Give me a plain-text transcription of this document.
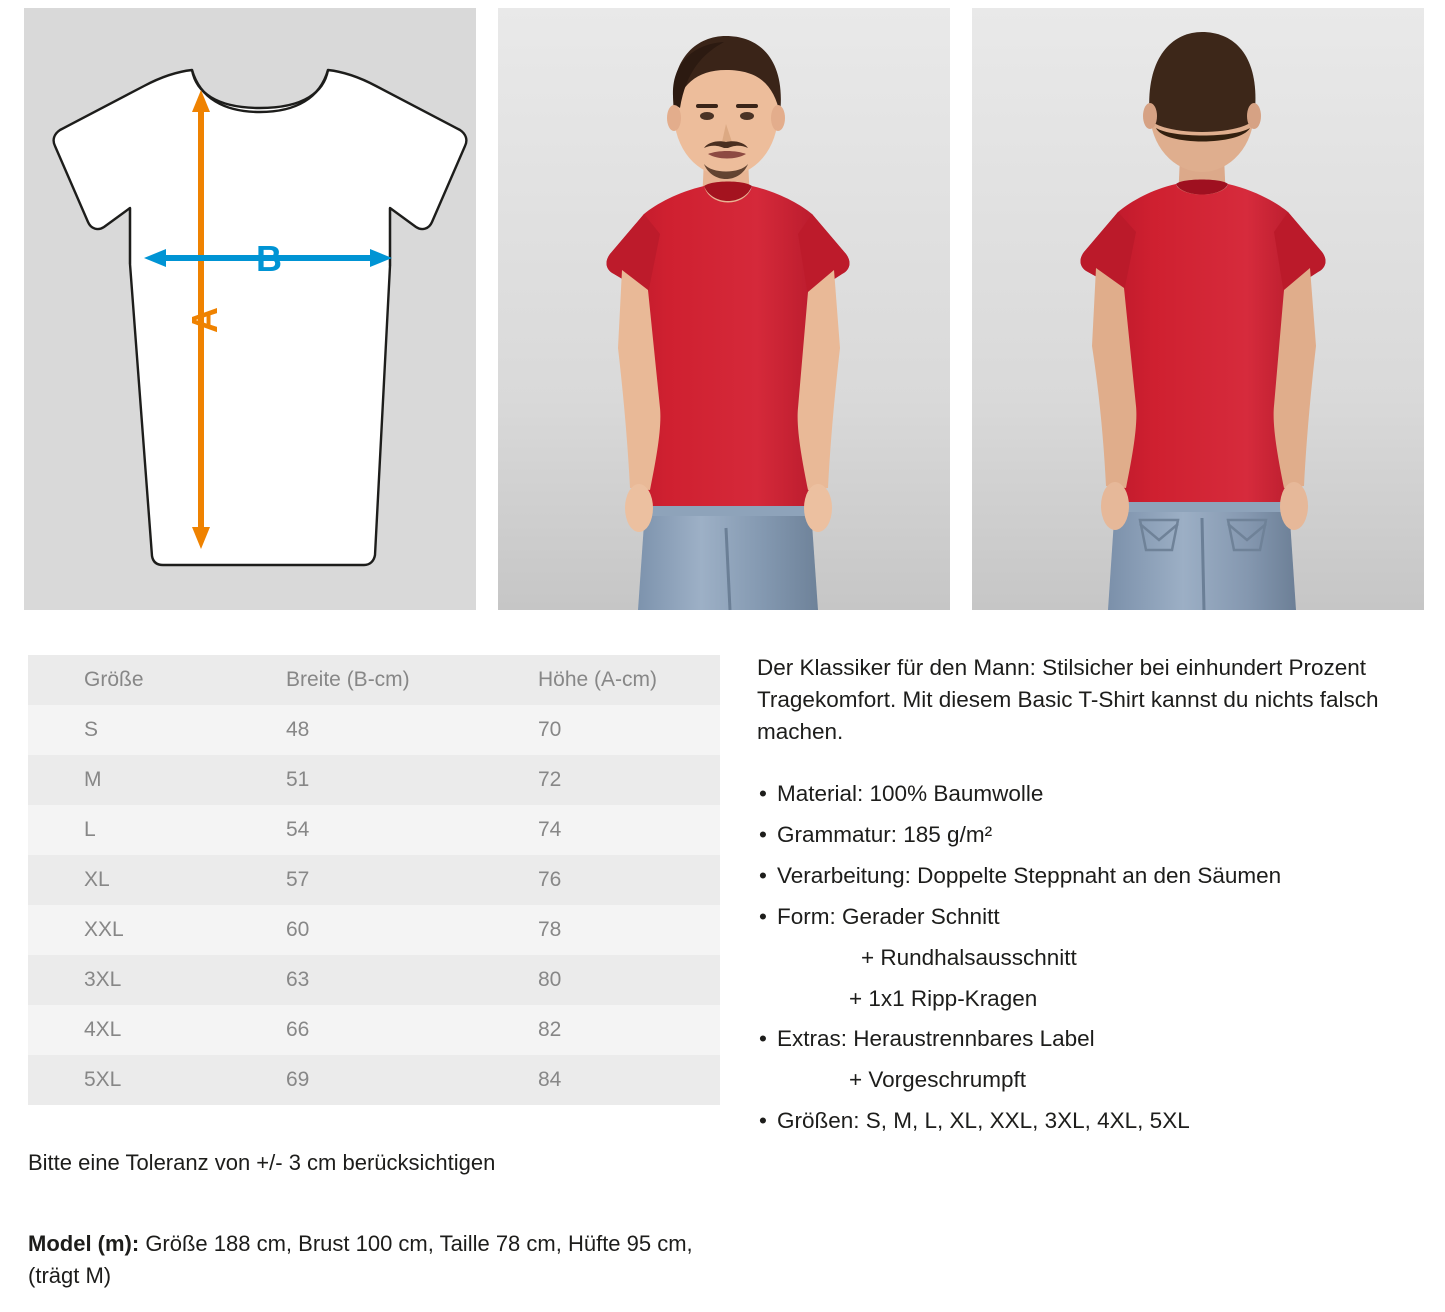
B
A
Größe	Breite (B-cm)	Höhe (A-cm)
S	48	70
M	51	72
L	54	74
XL	57	76
XXL	60	78
3XL	63	80
4XL	66	82
5XL	69	84
Bitte eine Toleranz von +/- 3 cm berücksichtigen
Model (m): Größe 188 cm, Brust 100 cm, Taille 78 cm, Hüfte 95 cm, (trägt M)

Der Klassiker für den Mann: Stilsicher bei einhundert Prozent Tragekomfort. Mit diesem Basic T-Shirt kannst du nichts falsch machen.

• Material: 100% Baumwolle
• Grammatur: 185 g/m²
• Verarbeitung: Doppelte Steppnaht an den Säumen
• Form: Gerader Schnitt
+ Rundhalsausschnitt
+ 1x1 Ripp-Kragen
• Extras: Heraustrennbares Label
+ Vorgeschrumpft
• Größen: S, M, L, XL, XXL, 3XL, 4XL, 5XL
